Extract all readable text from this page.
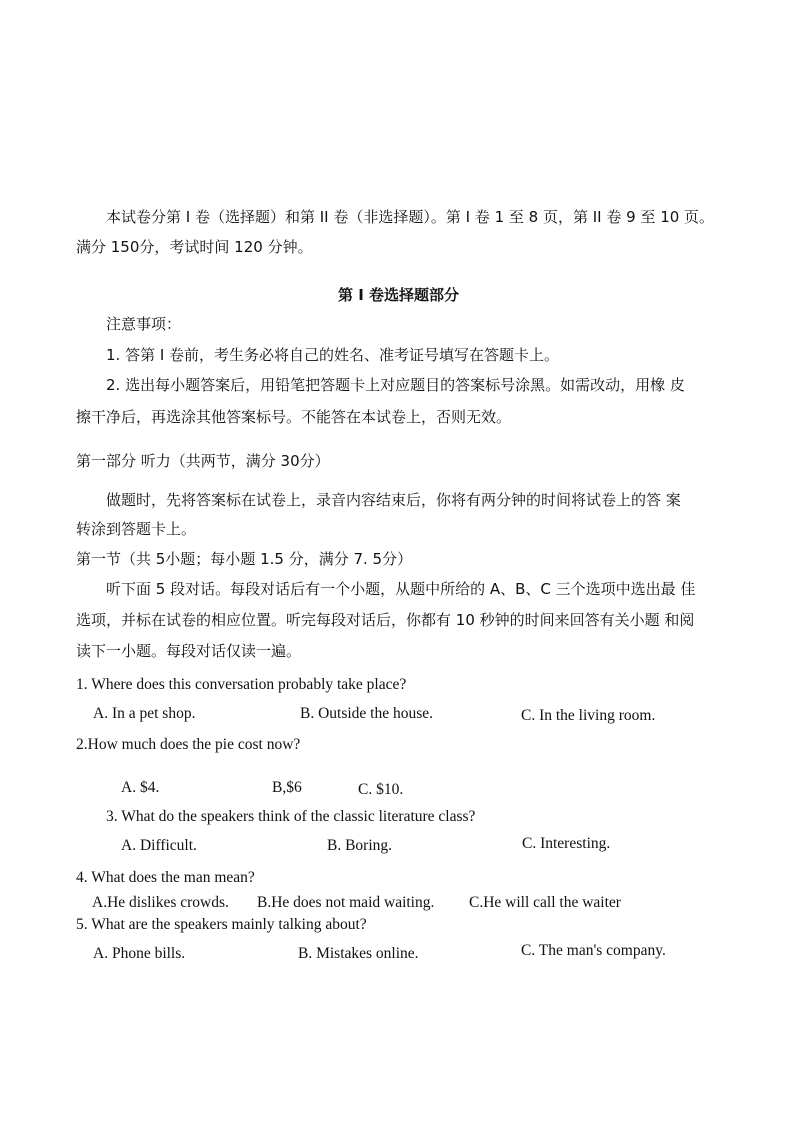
本试卷分第 I 卷（选择题）和第 II 卷（非选择题）。第 I 卷 1 至 8 页，第 II 卷 9 至 10 页。
满分 150分，考试时间 120 分钟。
第 I 卷选择题部分
注意事项：
1. 答第 I 卷前，考生务必将自己的姓名、准考证号填写在答题卡上。
2. 选出每小题答案后，用铅笔把答题卡上对应题目的答案标号涂黑。如需改动，用橡 皮
擦干净后，再选涂其他答案标号。不能答在本试卷上，否则无效。
第一部分 听力（共两节，满分 30分）
做题时，先将答案标在试卷上，录音内容结束后，你将有两分钟的时间将试卷上的答 案
转涂到答题卡上。
第一节（共 5小题；每小题 1.5 分，满分 7. 5分）
听下面 5 段对话。每段对话后有一个小题，从题中所给的 A、B、C 三个选项中选出最 佳
选项，并标在试卷的相应位置。听完每段对话后，你都有 10 秒钟的时间来回答有关小题 和阅
读下一小题。每段对话仅读一遍。
1. Where does this conversation probably take place?
A. In a pet shop.	B. Outside the house.	C. In the living room.
2.How much does the pie cost now?
A. $4.	B,$6	C. $10.
3. What do the speakers think of the classic literature class?
A. Difficult.	B. Boring.	C. Interesting.
4. What does the man mean?
A.He dislikes crowds. B.He does not maid waiting. C.He will call the waiter
5. What are the speakers mainly talking about?
A. Phone bills.	B. Mistakes online.	C. The man's company.
